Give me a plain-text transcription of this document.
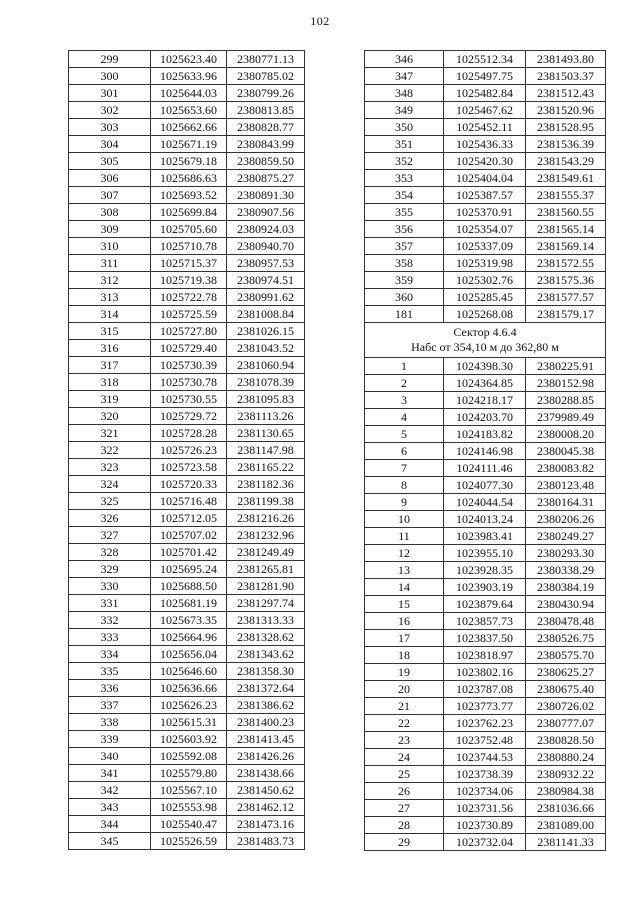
102
299	1025623.40	2380771.13
300	1025633.96	2380785.02
301	1025644.03	2380799.26
302	1025653.60	2380813.85
303	1025662.66	2380828.77
304	1025671.19	2380843.99
305	1025679.18	2380859.50
306	1025686.63	2380875.27
307	1025693.52	2380891.30
308	1025699.84	2380907.56
309	1025705.60	2380924.03
310	1025710.78	2380940.70
311	1025715.37	2380957.53
312	1025719.38	2380974.51
313	1025722.78	2380991.62
314	1025725.59	2381008.84
315	1025727.80	2381026.15
316	1025729.40	2381043.52
317	1025730.39	2381060.94
318	1025730.78	2381078.39
319	1025730.55	2381095.83
320	1025729.72	2381113.26
321	1025728.28	2381130.65
322	1025726.23	2381147.98
323	1025723.58	2381165.22
324	1025720.33	2381182.36
325	1025716.48	2381199.38
326	1025712.05	2381216.26
327	1025707.02	2381232.96
328	1025701.42	2381249.49
329	1025695.24	2381265.81
330	1025688.50	2381281.90
331	1025681.19	2381297.74
332	1025673.35	2381313.33
333	1025664.96	2381328.62
334	1025656.04	2381343.62
335	1025646.60	2381358.30
336	1025636.66	2381372.64
337	1025626.23	2381386.62
338	1025615.31	2381400.23
339	1025603.92	2381413.45
340	1025592.08	2381426.26
341	1025579.80	2381438.66
342	1025567.10	2381450.62
343	1025553.98	2381462.12
344	1025540.47	2381473.16
345	1025526.59	2381483.73
346	1025512.34	2381493.80
347	1025497.75	2381503.37
348	1025482.84	2381512.43
349	1025467.62	2381520.96
350	1025452.11	2381528.95
351	1025436.33	2381536.39
352	1025420.30	2381543.29
353	1025404.04	2381549.61
354	1025387.57	2381555.37
355	1025370.91	2381560.55
356	1025354.07	2381565.14
357	1025337.09	2381569.14
358	1025319.98	2381572.55
359	1025302.76	2381575.36
360	1025285.45	2381577.57
181	1025268.08	2381579.17

Сектор 4.6.4
Набс от 354,10 м до 362,80 м		

1	1024398.30	2380225.91
2	1024364.85	2380152.98
3	1024218.17	2380288.85
4	1024203.70	2379989.49
5	1024183.82	2380008.20
6	1024146.98	2380045.38
7	1024111.46	2380083.82
8	1024077.30	2380123.48
9	1024044.54	2380164.31
10	1024013.24	2380206.26
11	1023983.41	2380249.27
12	1023955.10	2380293.30
13	1023928.35	2380338.29
14	1023903.19	2380384.19
15	1023879.64	2380430.94
16	1023857.73	2380478.48
17	1023837.50	2380526.75
18	1023818.97	2380575.70
19	1023802.16	2380625.27
20	1023787.08	2380675.40
21	1023773.77	2380726.02
22	1023762.23	2380777.07
23	1023752.48	2380828.50
24	1023744.53	2380880.24
25	1023738.39	2380932.22
26	1023734.06	2380984.38
27	1023731.56	2381036.66
28	1023730.89	2381089.00
29	1023732.04	2381141.33
